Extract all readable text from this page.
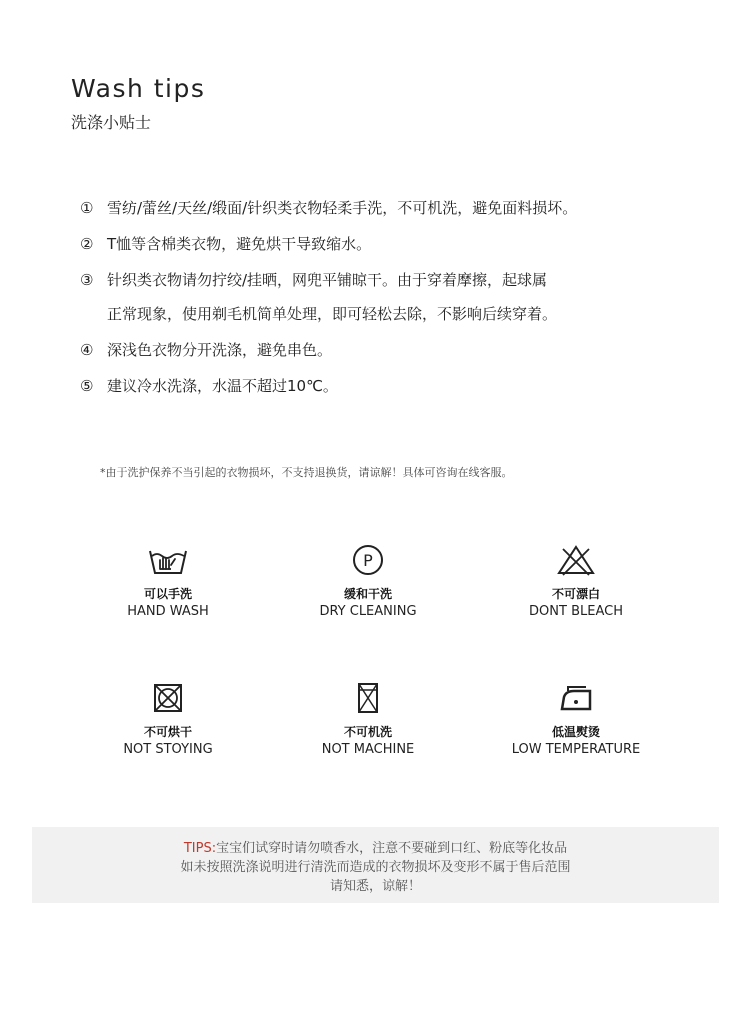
Wash tips
洗涤小贴士
① 雪纺/蕾丝/天丝/缎面/针织类衣物轻柔手洗，不可机洗，避免面料损坏。
② T恤等含棉类衣物，避免烘干导致缩水。
③ 针织类衣物请勿拧绞/挂晒，网兜平铺晾干。由于穿着摩擦，起球属
正常现象，使用剃毛机简单处理，即可轻松去除，不影响后续穿着。
④ 深浅色衣物分开洗涤，避免串色。
⑤ 建议冷水洗涤，水温不超过10℃。
*由于洗护保养不当引起的衣物损坏，不支持退换货，请谅解！具体可咨询在线客服。
可以手洗
HAND WASH
P
缓和干洗
DRY CLEANING
不可漂白
DONT BLEACH
不可烘干
NOT STOYING
不可机洗
NOT MACHINE
低温熨烫
LOW TEMPERATURE
TIPS:宝宝们试穿时请勿喷香水，注意不要碰到口红、粉底等化妆品
如未按照洗涤说明进行清洗而造成的衣物损坏及变形不属于售后范围
请知悉，谅解！
